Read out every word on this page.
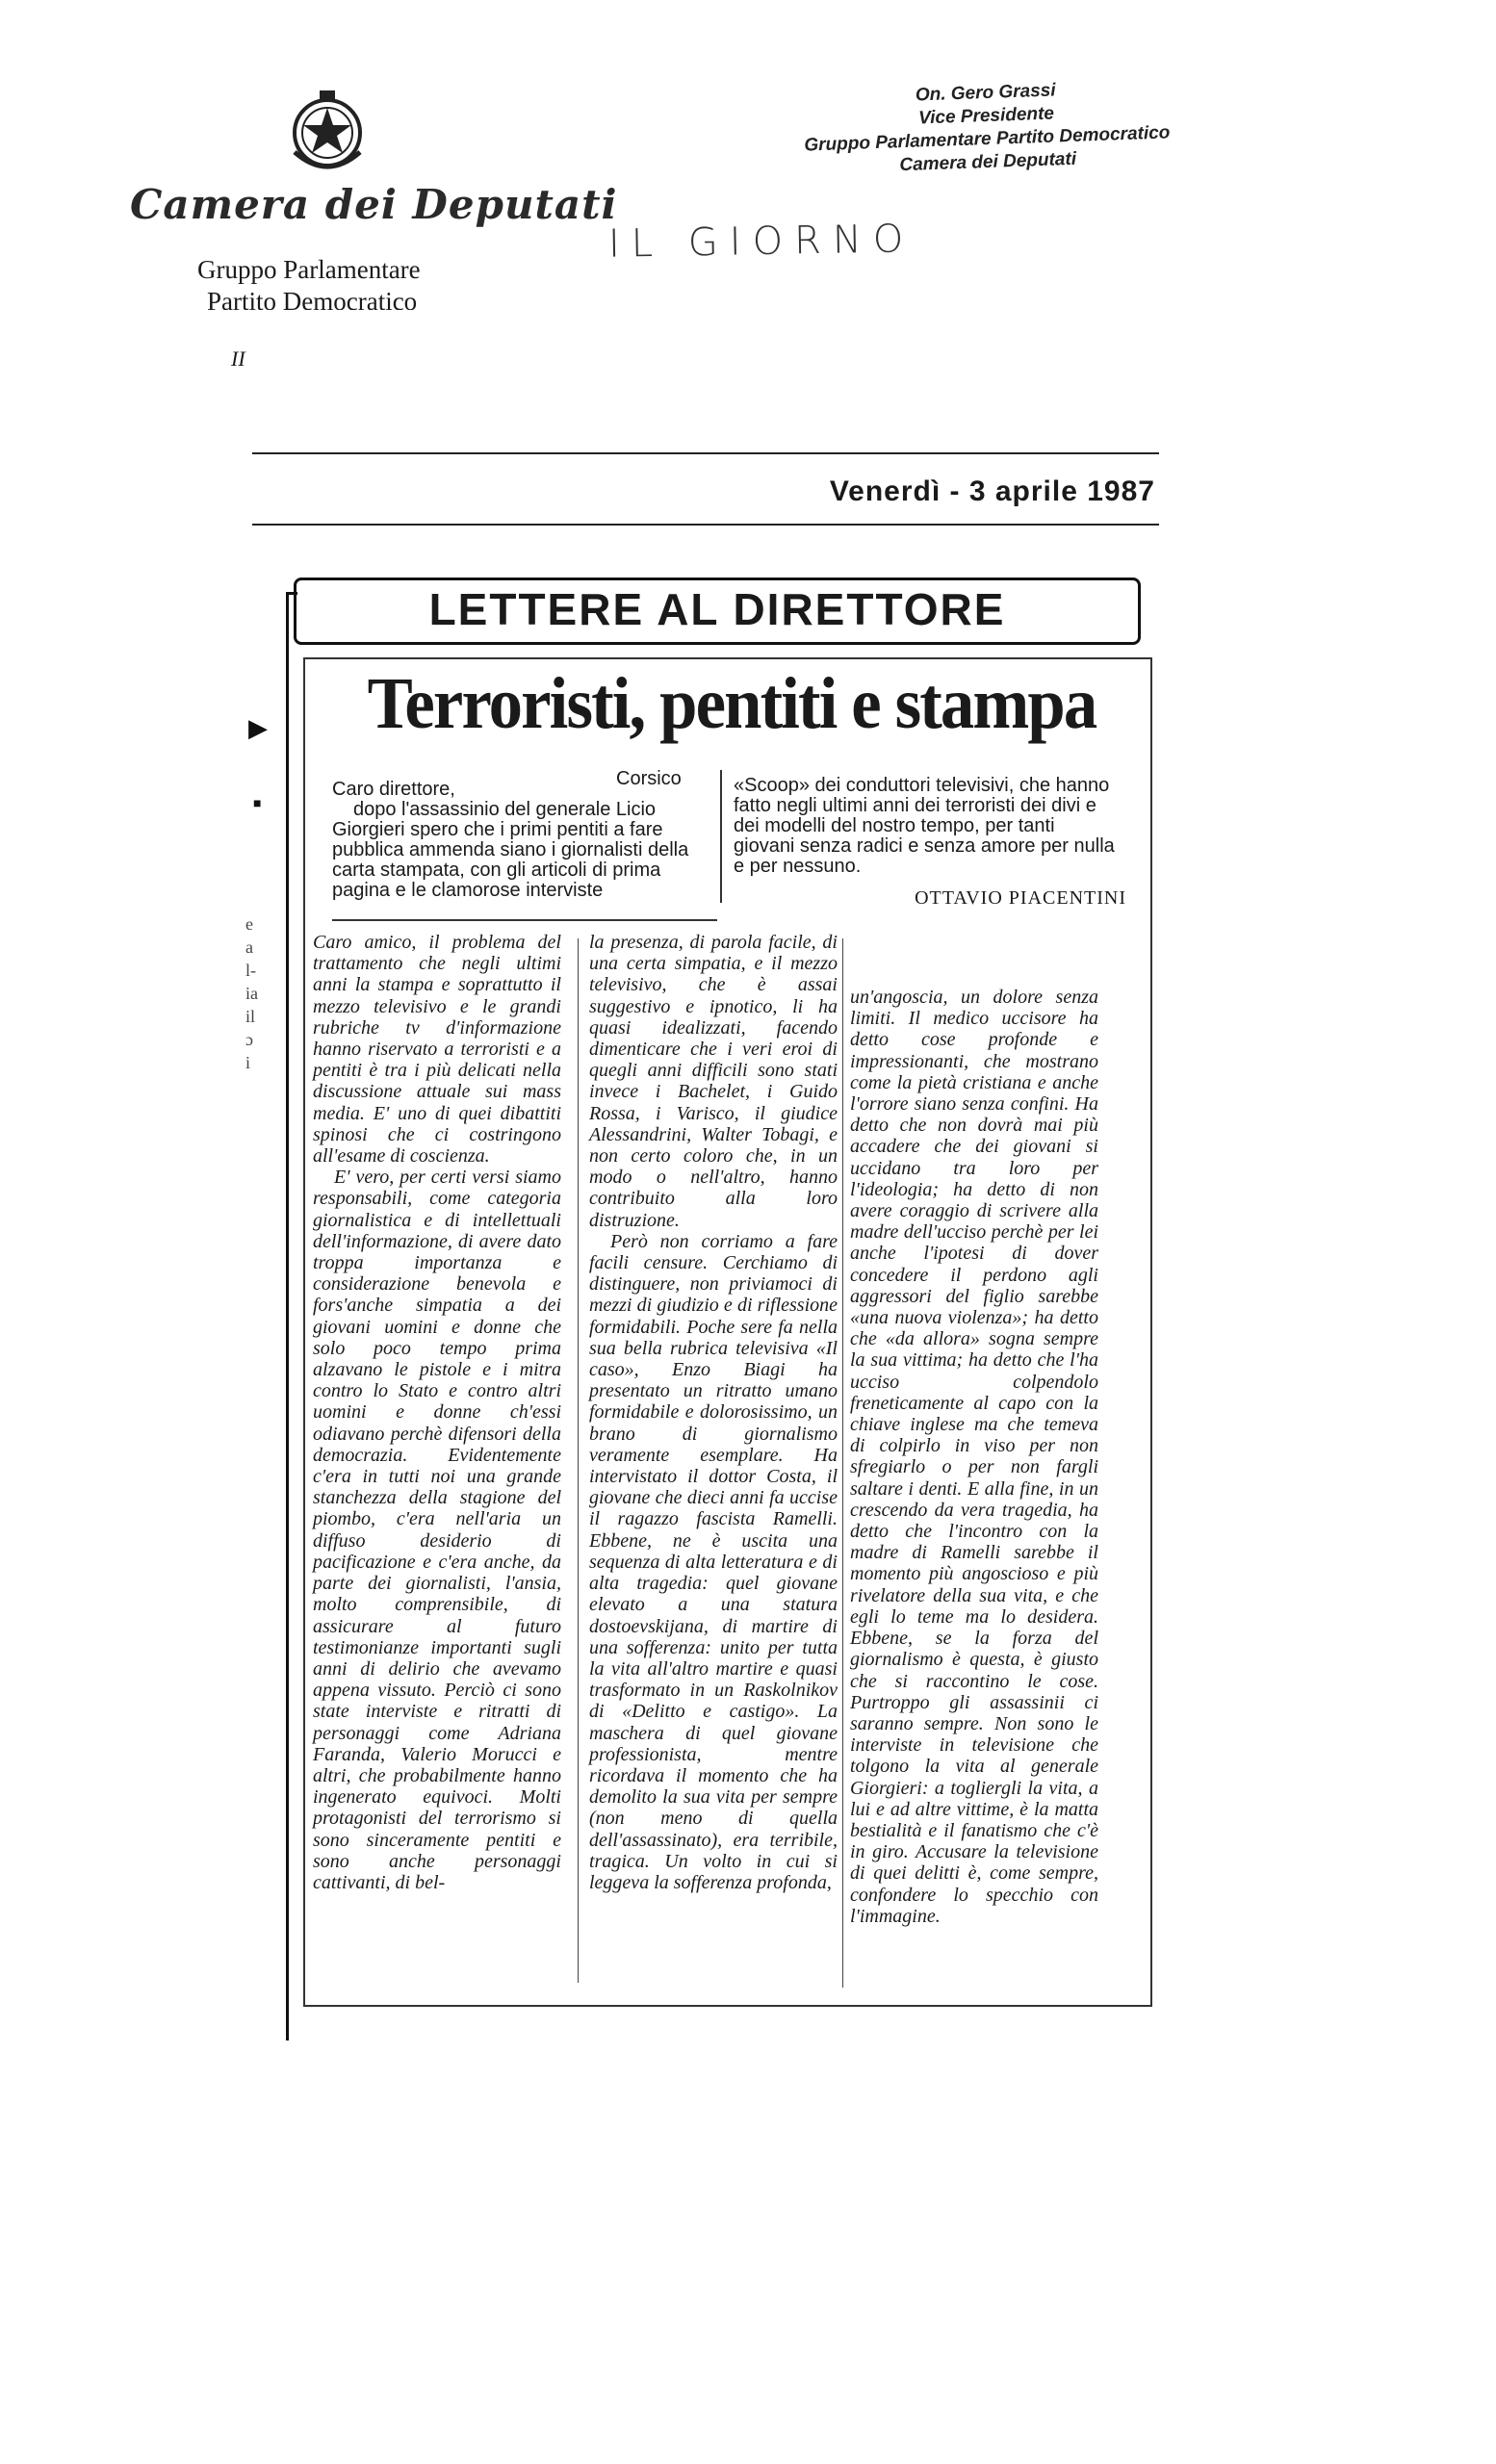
Camera dei Deputati
Gruppo Parlamentare
Partito Democratico
II
On. Gero Grassi
Vice Presidente
Gruppo Parlamentare Partito Democratico
Camera dei Deputati
IL GIORNO
Venerdì - 3 aprile 1987
LETTERE AL DIRETTORE
Terroristi, pentiti e stampa
Corsico

Caro direttore,

dopo l'assassinio del generale Licio Giorgieri spero che i primi pentiti a fare pubblica ammenda siano i giornalisti della carta stampata, con gli articoli di prima pagina e le clamorose interviste

«Scoop» dei conduttori televisivi, che hanno fatto negli ultimi anni dei terroristi dei divi e dei modelli del nostro tempo, per tanti giovani senza radici e senza amore per nulla e per nessuno.

OTTAVIO PIACENTINI

Caro amico, il problema del trattamento che negli ultimi anni la stampa e soprattutto il mezzo televisivo e le grandi rubriche tv d'informazione hanno riservato a terroristi e a pentiti è tra i più delicati nella discussione attuale sui mass media. E' uno di quei dibattiti spinosi che ci costringono all'esame di coscienza.

E' vero, per certi versi siamo responsabili, come categoria giornalistica e di intellettuali dell'informazione, di avere dato troppa importanza e considerazione benevola e fors'anche simpatia a dei giovani uomini e donne che solo poco tempo prima alzavano le pistole e i mitra contro lo Stato e contro altri uomini e donne ch'essi odiavano perchè difensori della democrazia. Evidentemente c'era in tutti noi una grande stanchezza della stagione del piombo, c'era nell'aria un diffuso desiderio di pacificazione e c'era anche, da parte dei giornalisti, l'ansia, molto comprensibile, di assicurare al futuro testimonianze importanti sugli anni di delirio che avevamo appena vissuto. Perciò ci sono state interviste e ritratti di personaggi come Adriana Faranda, Valerio Morucci e altri, che probabilmente hanno ingenerato equivoci. Molti protagonisti del terrorismo si sono sinceramente pentiti e sono anche personaggi cattivanti, di bel-

la presenza, di parola facile, di una certa simpatia, e il mezzo televisivo, che è assai suggestivo e ipnotico, li ha quasi idealizzati, facendo dimenticare che i veri eroi di quegli anni difficili sono stati invece i Bachelet, i Guido Rossa, i Varisco, il giudice Alessandrini, Walter Tobagi, e non certo coloro che, in un modo o nell'altro, hanno contribuito alla loro distruzione.

Però non corriamo a fare facili censure. Cerchiamo di distinguere, non priviamoci di mezzi di giudizio e di riflessione formidabili. Poche sere fa nella sua bella rubrica televisiva «Il caso», Enzo Biagi ha presentato un ritratto umano formidabile e dolorosissimo, un brano di giornalismo veramente esemplare. Ha intervistato il dottor Costa, il giovane che dieci anni fa uccise il ragazzo fascista Ramelli. Ebbene, ne è uscita una sequenza di alta letteratura e di alta tragedia: quel giovane elevato a una statura dostoevskijana, di martire di una sofferenza: unito per tutta la vita all'altro martire e quasi trasformato in un Raskolnikov di «Delitto e castigo». La maschera di quel giovane professionista, mentre ricordava il momento che ha demolito la sua vita per sempre (non meno di quella dell'assassinato), era terribile, tragica. Un volto in cui si leggeva la sofferenza profonda,

un'angoscia, un dolore senza limiti. Il medico uccisore ha detto cose profonde e impressionanti, che mostrano come la pietà cristiana e anche l'orrore siano senza confini. Ha detto che non dovrà mai più accadere che dei giovani si uccidano tra loro per l'ideologia; ha detto di non avere coraggio di scrivere alla madre dell'ucciso perchè per lei anche l'ipotesi di dover concedere il perdono agli aggressori del figlio sarebbe «una nuova violenza»; ha detto che «da allora» sogna sempre la sua vittima; ha detto che l'ha ucciso colpendolo freneticamente al capo con la chiave inglese ma che temeva di colpirlo in viso per non sfregiarlo o per non fargli saltare i denti. E alla fine, in un crescendo da vera tragedia, ha detto che l'incontro con la madre di Ramelli sarebbe il momento più angoscioso e più rivelatore della sua vita, e che egli lo teme ma lo desidera. Ebbene, se la forza del giornalismo è questa, è giusto che si raccontino le cose. Purtroppo gli assassinii ci saranno sempre. Non sono le interviste in televisione che tolgono la vita al generale Giorgieri: a togliergli la vita, a lui e ad altre vittime, è la matta bestialità e il fanatismo che c'è in giro. Accusare la televisione di quei delitti è, come sempre, confondere lo specchio con l'immagine.

▶
■
e
a
l-
ia
il
ɔ
i
